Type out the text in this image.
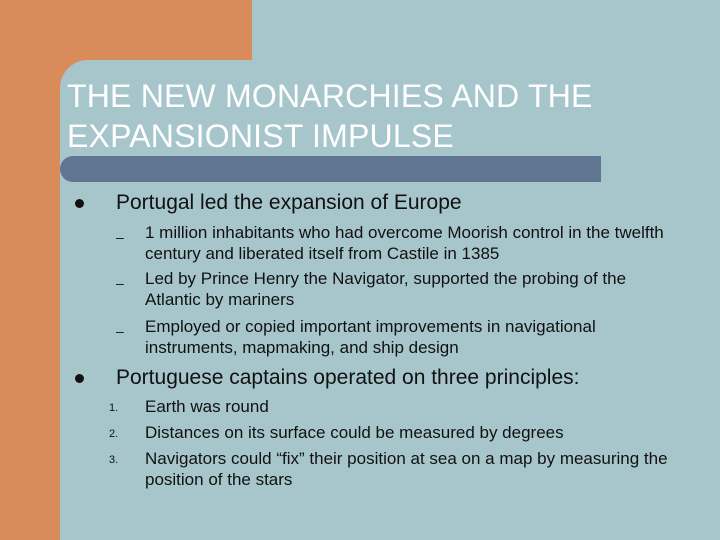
THE NEW MONARCHIES AND THE EXPANSIONIST IMPULSE
Portugal led the expansion of Europe
– 1 million inhabitants who had overcome Moorish control in the twelfth century and liberated itself from Castile in 1385
– Led by Prince Henry the Navigator, supported the probing of the Atlantic by mariners
– Employed or copied important improvements in navigational instruments, mapmaking, and ship design
Portuguese captains operated on three principles:
1. Earth was round
2. Distances on its surface could be measured by degrees
3. Navigators could “fix” their position at sea on a map by measuring the position of the stars
